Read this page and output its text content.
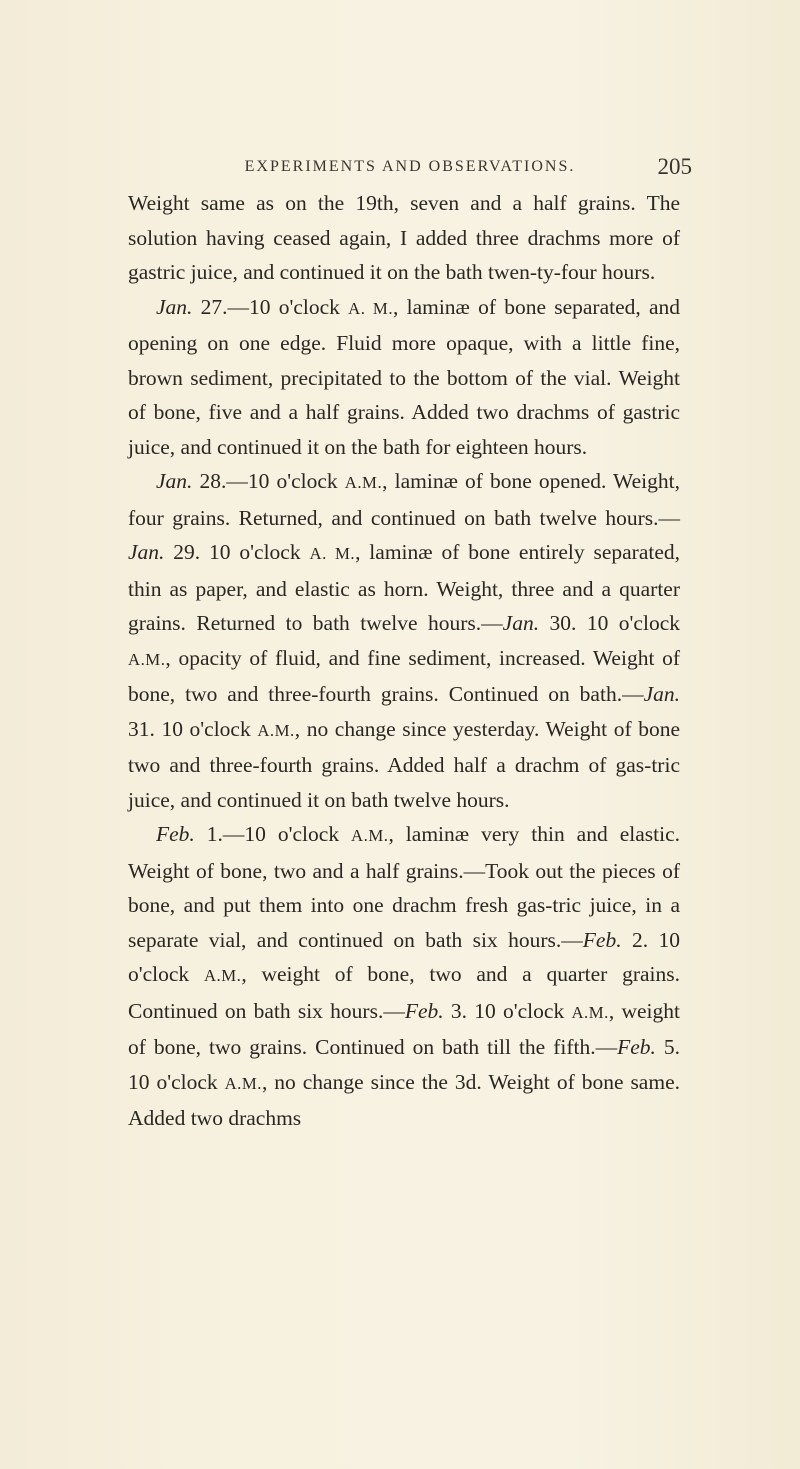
EXPERIMENTS AND OBSERVATIONS.	205

Weight same as on the 19th, seven and a half grains. The solution having ceased again, I added three drachms more of gastric juice, and continued it on the bath twen-ty-four hours.

Jan. 27.—10 o'clock A. M., laminæ of bone separated, and opening on one edge. Fluid more opaque, with a little fine, brown sediment, precipitated to the bottom of the vial. Weight of bone, five and a half grains. Added two drachms of gastric juice, and continued it on the bath for eighteen hours.

Jan. 28.—10 o'clock A.M., laminæ of bone opened. Weight, four grains. Returned, and continued on bath twelve hours.—Jan. 29. 10 o'clock A. M., laminæ of bone entirely separated, thin as paper, and elastic as horn. Weight, three and a quarter grains. Returned to bath twelve hours.—Jan. 30. 10 o'clock A.M., opacity of fluid, and fine sediment, increased. Weight of bone, two and three-fourth grains. Continued on bath.—Jan. 31. 10 o'clock A.M., no change since yesterday. Weight of bone two and three-fourth grains. Added half a drachm of gas-tric juice, and continued it on bath twelve hours.

Feb. 1.—10 o'clock A.M., laminæ very thin and elastic. Weight of bone, two and a half grains.—Took out the pieces of bone, and put them into one drachm fresh gas-tric juice, in a separate vial, and continued on bath six hours.—Feb. 2. 10 o'clock A.M., weight of bone, two and a quarter grains. Continued on bath six hours.—Feb. 3. 10 o'clock A.M., weight of bone, two grains. Continued on bath till the fifth.—Feb. 5. 10 o'clock A.M., no change since the 3d. Weight of bone same. Added two drachms
